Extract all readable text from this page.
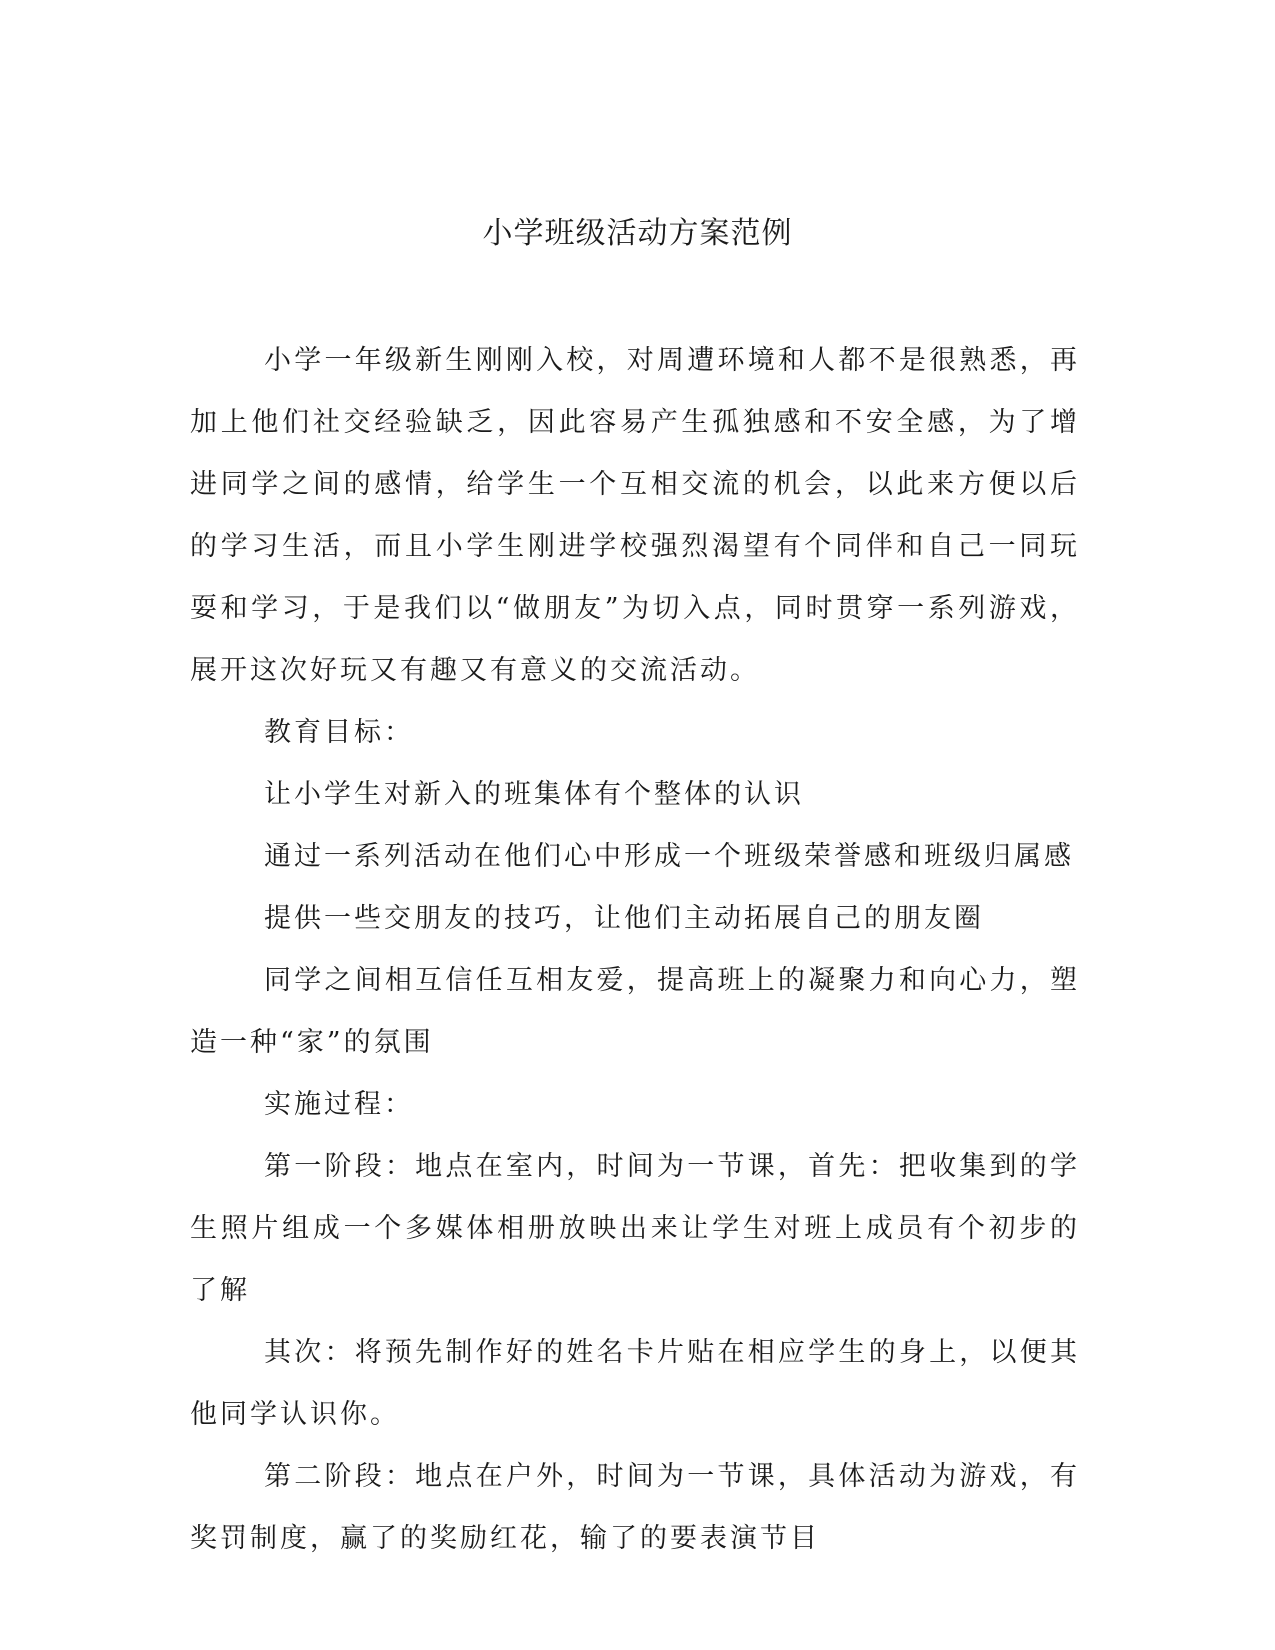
小学班级活动方案范例

小学一年级新生刚刚入校，对周遭环境和人都不是很熟悉，再加上他们社交经验缺乏，因此容易产生孤独感和不安全感，为了增进同学之间的感情，给学生一个互相交流的机会，以此来方便以后的学习生活，而且小学生刚进学校强烈渴望有个同伴和自己一同玩耍和学习，于是我们以“做朋友”为切入点，同时贯穿一系列游戏，展开这次好玩又有趣又有意义的交流活动。

教育目标：

让小学生对新入的班集体有个整体的认识

通过一系列活动在他们心中形成一个班级荣誉感和班级归属感

提供一些交朋友的技巧，让他们主动拓展自己的朋友圈

同学之间相互信任互相友爱，提高班上的凝聚力和向心力，塑造一种“家”的氛围

实施过程：

第一阶段：地点在室内，时间为一节课，首先：把收集到的学生照片组成一个多媒体相册放映出来让学生对班上成员有个初步的了解

其次：将预先制作好的姓名卡片贴在相应学生的身上，以便其他同学认识你。

第二阶段：地点在户外，时间为一节课，具体活动为游戏，有奖罚制度，赢了的奖励红花，输了的要表演节目
